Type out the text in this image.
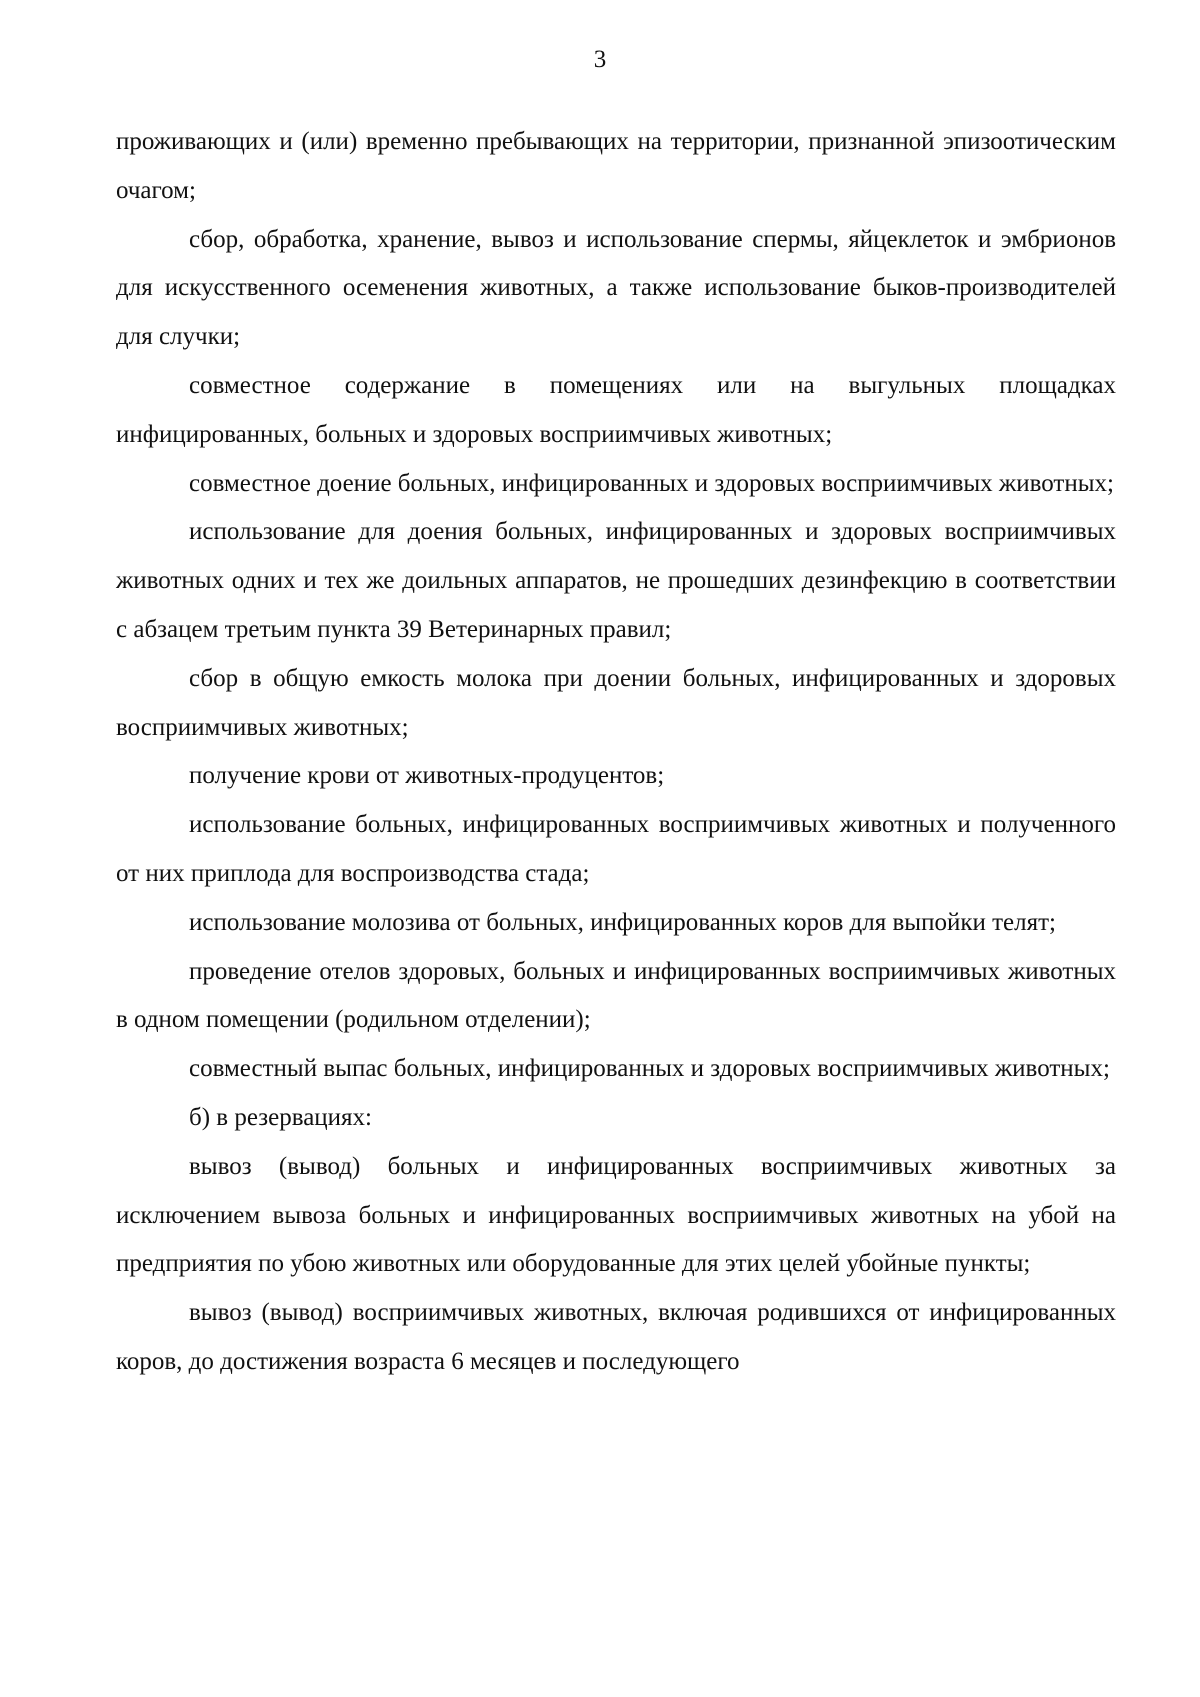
3

проживающих и (или) временно пребывающих на территории, признанной эпизоотическим очагом;

сбор, обработка, хранение, вывоз и использование спермы, яйцеклеток и эмбрионов для искусственного осеменения животных, а также использование быков-производителей для случки;

совместное содержание в помещениях или на выгульных площадках инфицированных, больных и здоровых восприимчивых животных;

совместное доение больных, инфицированных и здоровых восприимчивых животных;

использование для доения больных, инфицированных и здоровых восприимчивых животных одних и тех же доильных аппаратов, не прошедших дезинфекцию в соответствии с абзацем третьим пункта 39 Ветеринарных правил;

сбор в общую емкость молока при доении больных, инфицированных и здоровых восприимчивых животных;

получение крови от животных-продуцентов;

использование больных, инфицированных восприимчивых животных и полученного от них приплода для воспроизводства стада;

использование молозива от больных, инфицированных коров для выпойки телят;

проведение отелов здоровых, больных и инфицированных восприимчивых животных в одном помещении (родильном отделении);

совместный выпас больных, инфицированных и здоровых восприимчивых животных;

б) в резервациях:

вывоз (вывод) больных и инфицированных восприимчивых животных за исключением вывоза больных и инфицированных восприимчивых животных на убой на предприятия по убою животных или оборудованные для этих целей убойные пункты;

вывоз (вывод) восприимчивых животных, включая родившихся от инфицированных коров, до достижения возраста 6 месяцев и последующего
